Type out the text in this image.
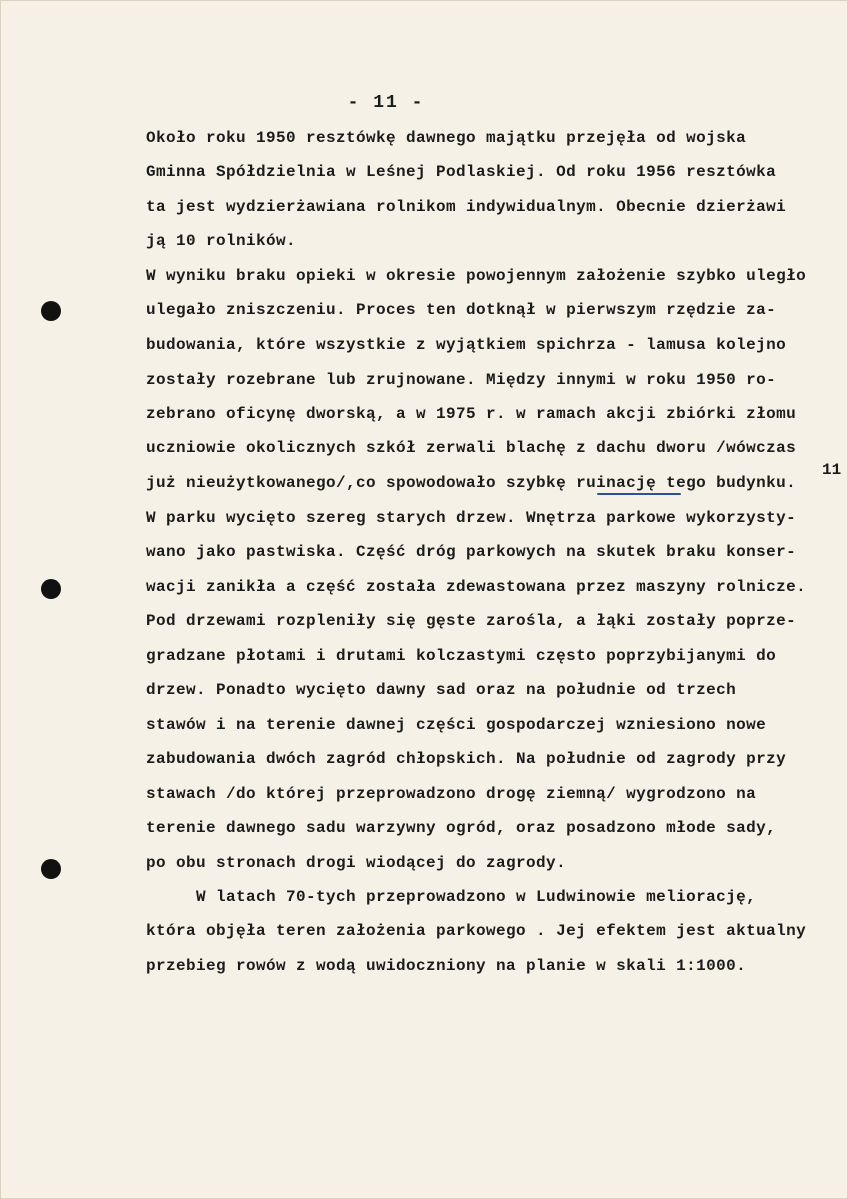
- 11 -
Około roku 1950 resztówkę dawnego majątku przejęła od wojska
Gminna Spółdzielnia w Leśnej Podlaskiej. Od roku 1956 resztówka
ta jest wydzierżawiana rolnikom indywidualnym. Obecnie dzierżawi
ją 10 rolników.
W wyniku braku opieki w okresie powojennym założenie szybko uległo
ulegało zniszczeniu. Proces ten dotknął w pierwszym rzędzie za-
budowania, które wszystkie z wyjątkiem spichrza - lamusa kolejno
zostały rozebrane lub zrujnowane. Między innymi w roku 1950 ro-
zebrano oficynę dworską, a w 1975 r. w ramach akcji zbiórki złomu
uczniowie okolicznych szkół zerwali blachę z dachu dworu /wówczas
już nieużytkowanego/,co spowodowało szybkę ruinację tego budynku.
W parku wycięto szereg starych drzew. Wnętrza parkowe wykorzysty-
wano jako pastwiska. Część dróg parkowych na skutek braku konser-
wacji zanikła a część została zdewastowana przez maszyny rolnicze.
Pod drzewami rozpleniły się gęste zarośla, a łąki zostały poprze-
gradzane płotami i drutami kolczastymi często poprzybijanymi do
drzew. Ponadto wycięto dawny sad oraz na południe od trzech
stawów i na terenie dawnej części gospodarczej wzniesiono nowe
zabudowania dwóch zagród chłopskich. Na południe od zagrody przy
stawach /do której przeprowadzono drogę ziemną/ wygrodzono na
terenie dawnego sadu warzywny ogród, oraz posadzono młode sady,
po obu stronach drogi wiodącej do zagrody.
W latach 70-tych przeprowadzono w Ludwinowie meliorację,
która objęła teren założenia parkowego . Jej efektem jest aktualny
przebieg rowów z wodą uwidoczniony na planie w skali 1:1000.
11
